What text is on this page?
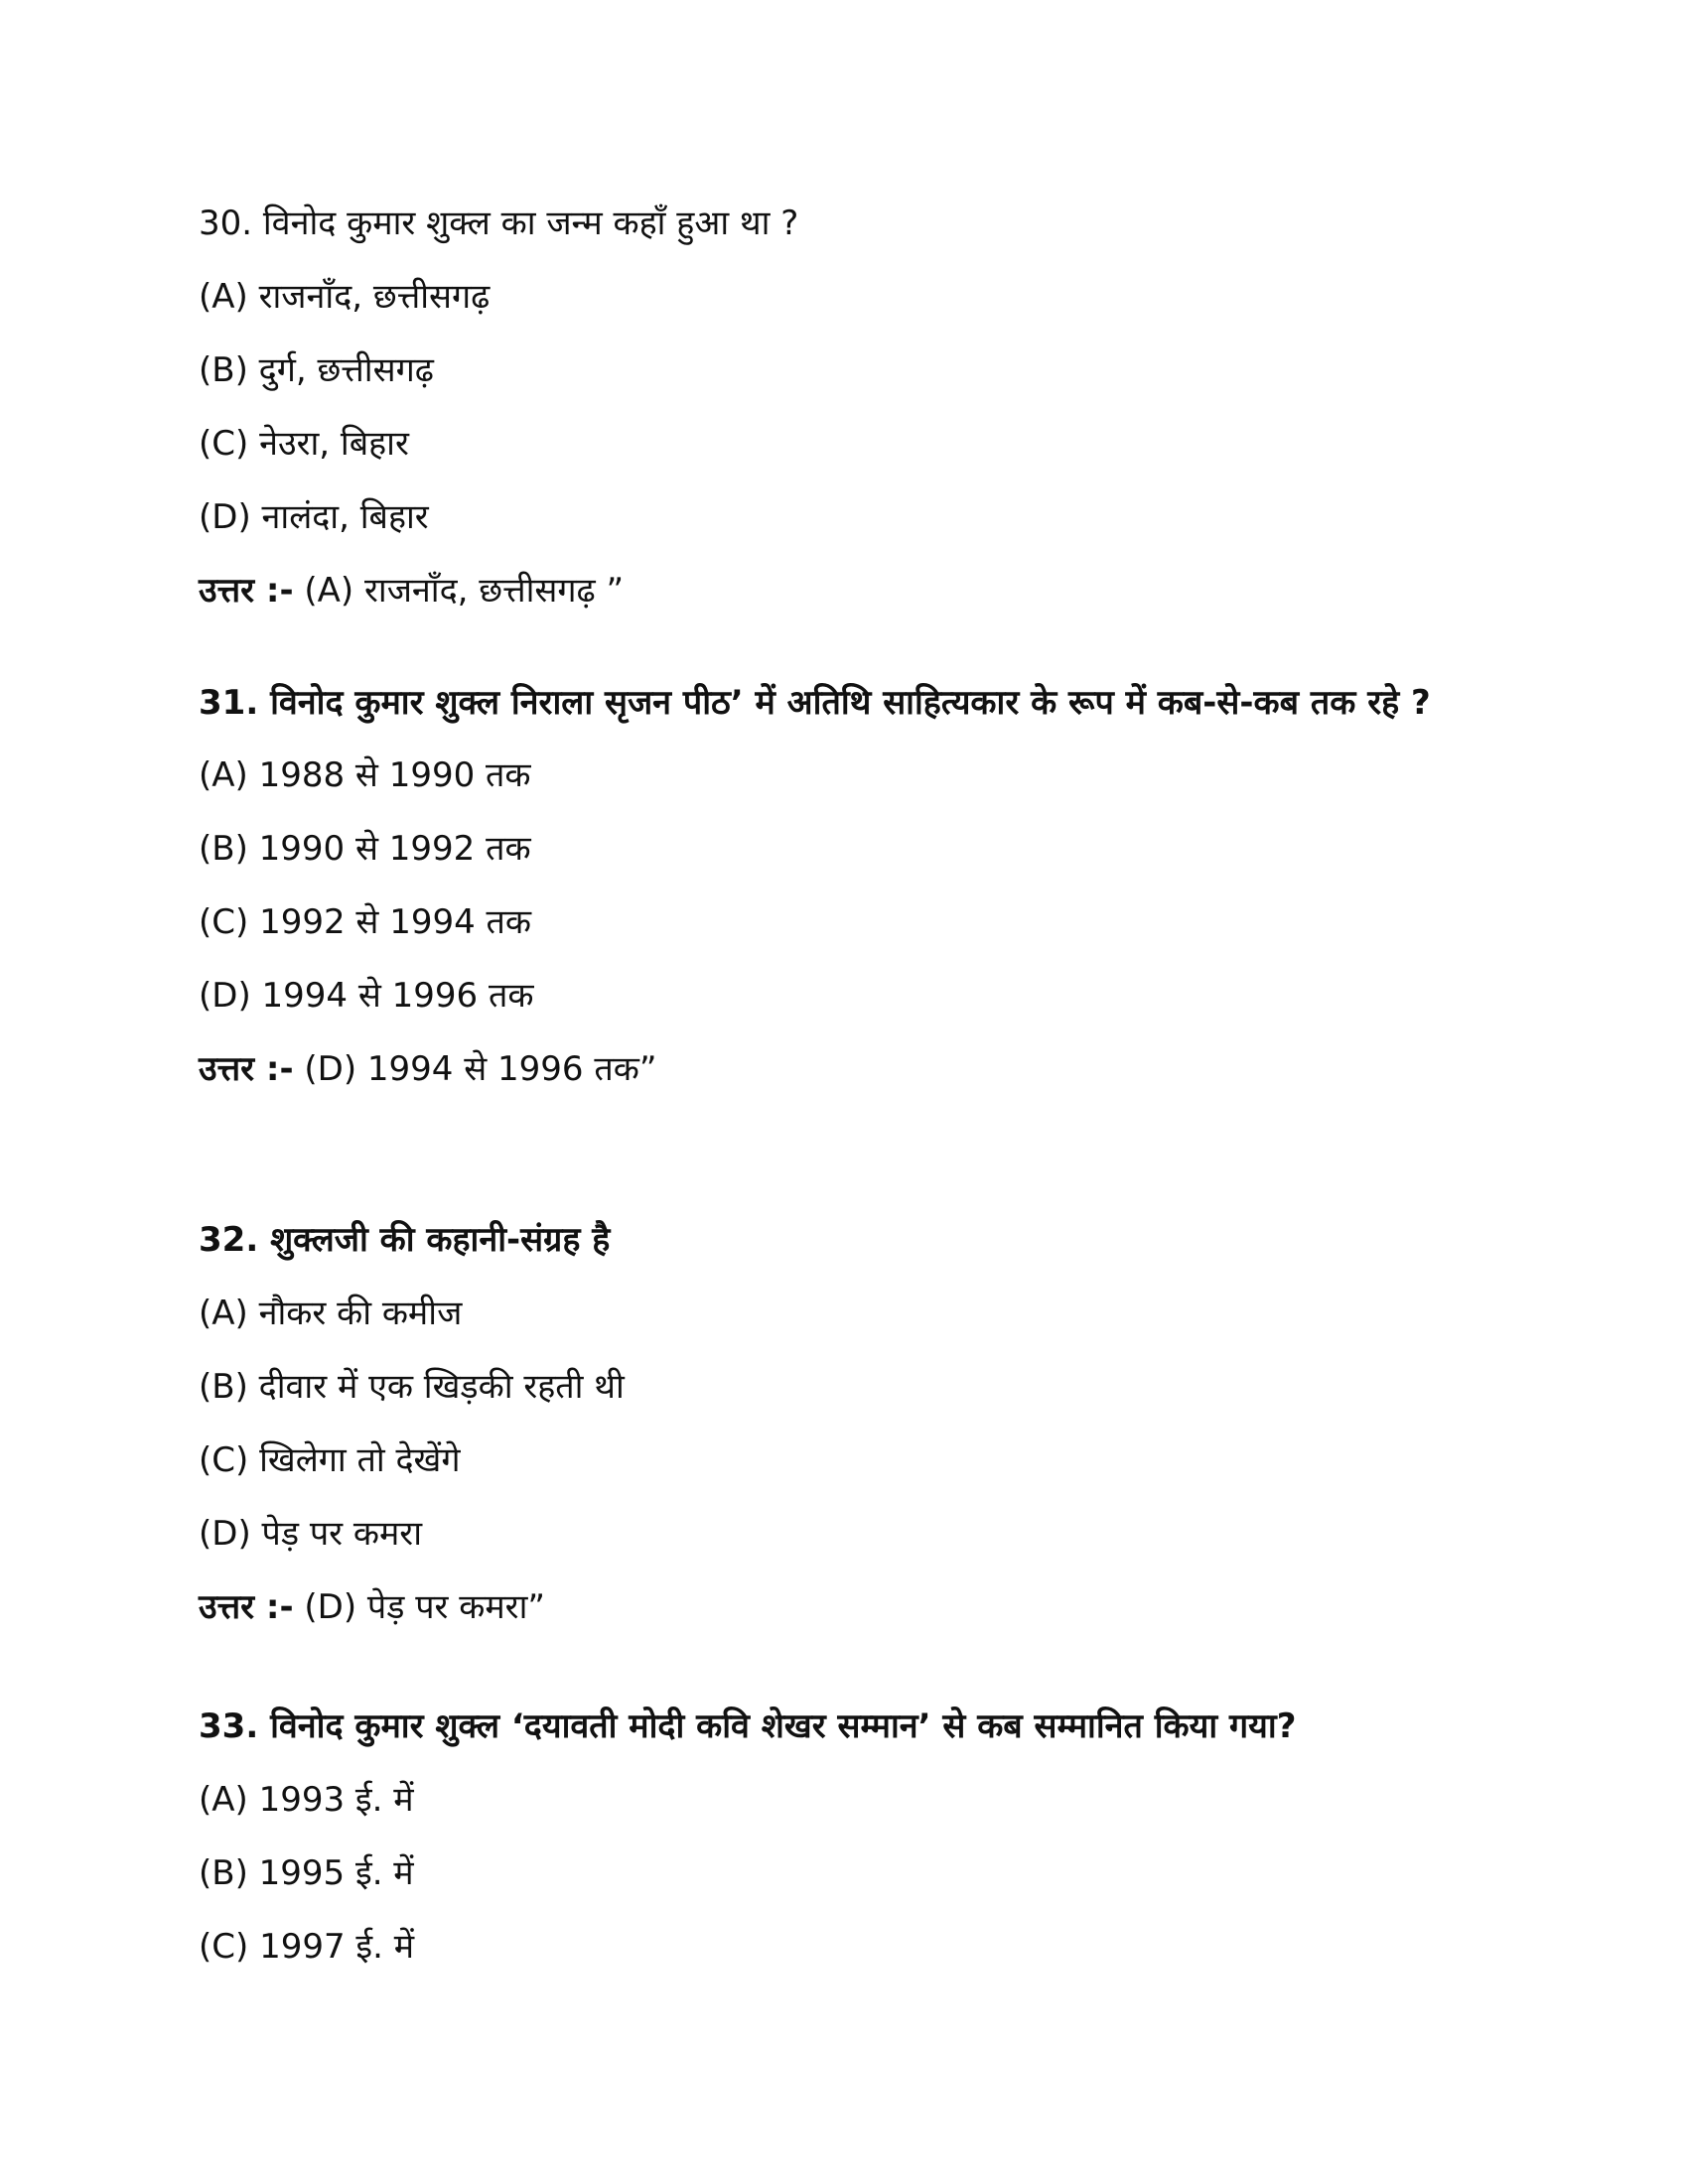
30. विनोद कुमार शुक्ल का जन्म कहाँ हुआ था ?

(A) राजनाँद, छत्तीसगढ़

(B) दुर्ग, छत्तीसगढ़

(C) नेउरा, बिहार

(D) नालंदा, बिहार

उत्तर :- (A) राजनाँद, छत्तीसगढ़ ”

31. विनोद कुमार शुक्ल निराला सृजन पीठ’ में अतिथि साहित्यकार के रूप में कब-से-कब तक रहे ?

(A) 1988 से 1990 तक

(B) 1990 से 1992 तक

(C) 1992 से 1994 तक

(D) 1994 से 1996 तक

उत्तर :- (D) 1994 से 1996 तक”

32. शुक्लजी की कहानी-संग्रह है

(A) नौकर की कमीज

(B) दीवार में एक खिड़की रहती थी

(C) खिलेगा तो देखेंगे

(D) पेड़ पर कमरा

उत्तर :- (D) पेड़ पर कमरा”

33. विनोद कुमार शुक्ल ‘दयावती मोदी कवि शेखर सम्मान’ से कब सम्मानित किया गया?

(A) 1993 ई. में

(B) 1995 ई. में

(C) 1997 ई. में
